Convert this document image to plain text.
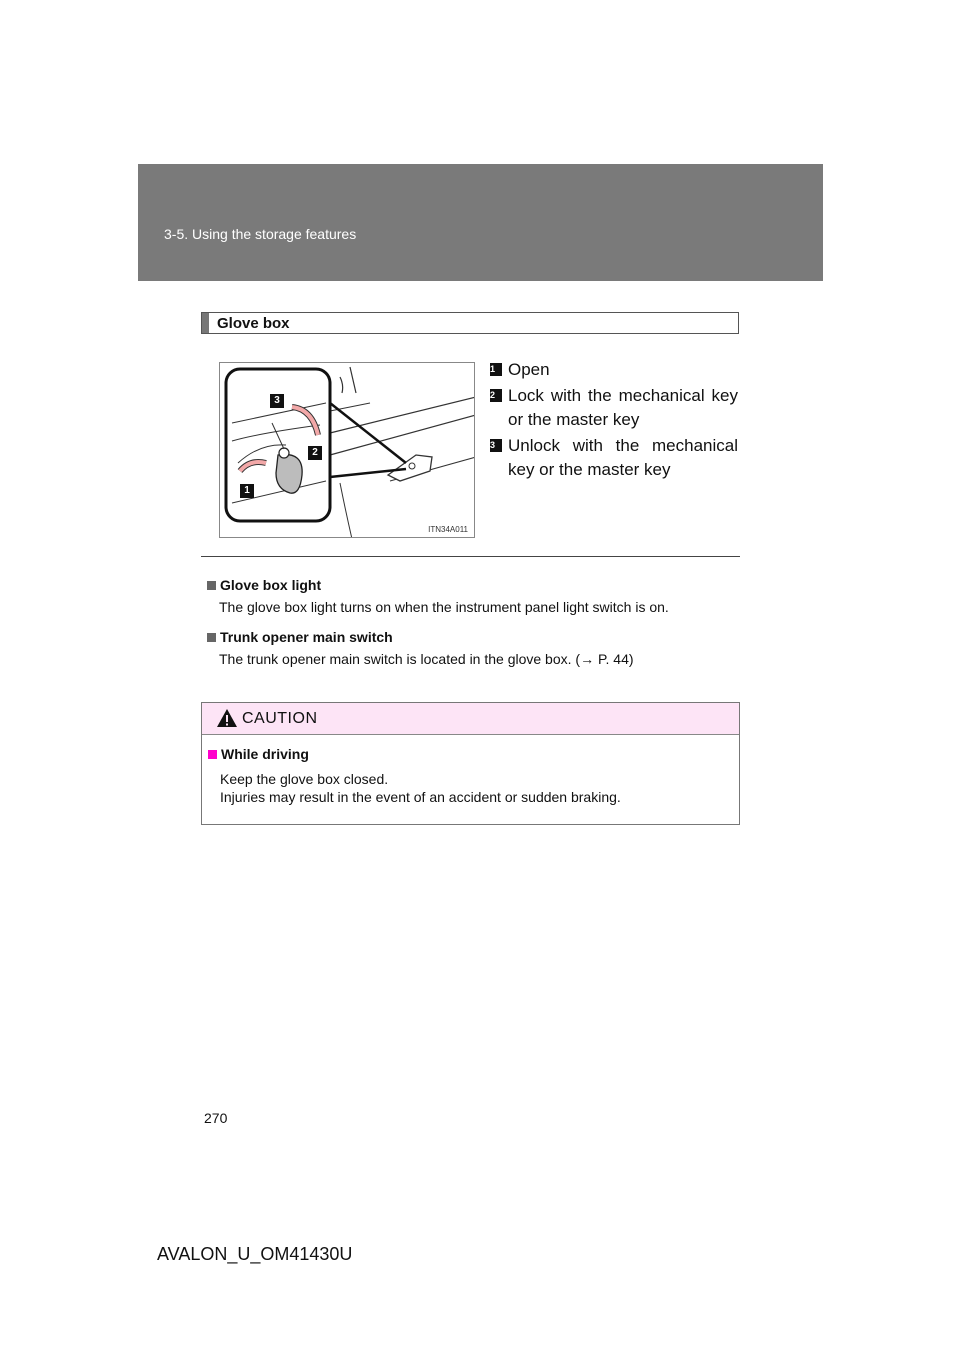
3-5. Using the storage features
Glove box
3
2
1
ITN34A011
1 Open
2 Lock with the mechanical key or the master key
3 Unlock with the mechanical key or the master key
Glove box light
The glove box light turns on when the instrument panel light switch is on.
Trunk opener main switch
The trunk opener main switch is located in the glove box. (→ P. 44)
CAUTION
While driving
Keep the glove box closed.
Injuries may result in the event of an accident or sudden braking.
270
AVALON_U_OM41430U
